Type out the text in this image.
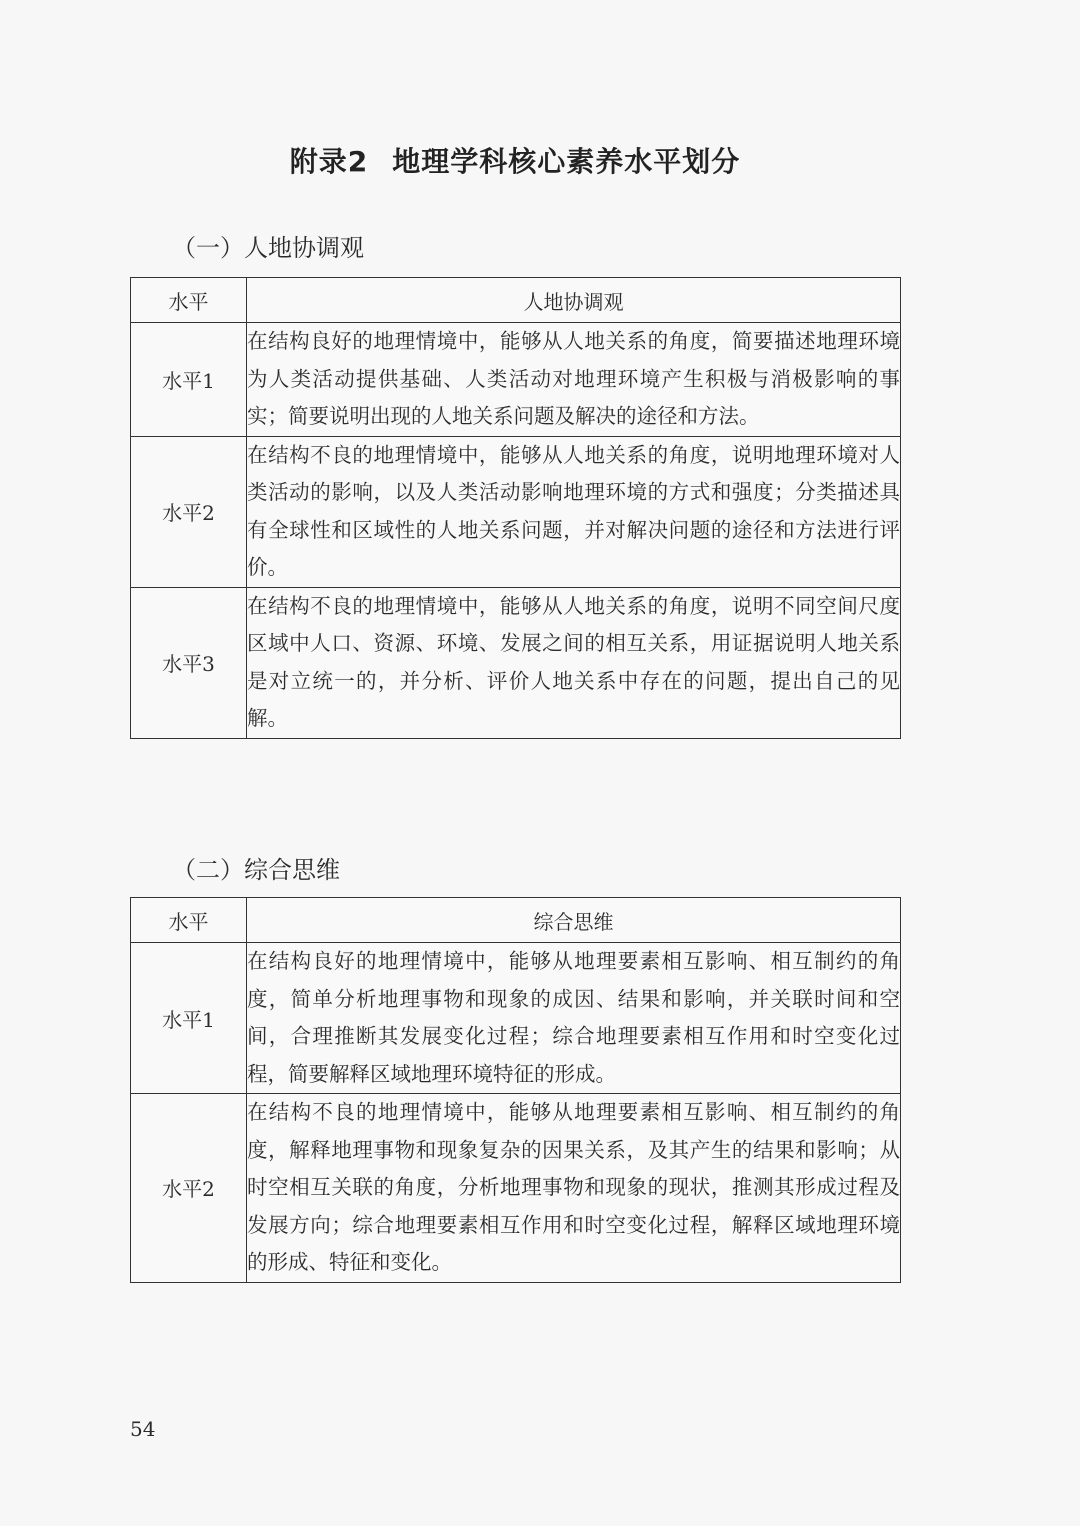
附录2 地理学科核心素养水平划分
（一）人地协调观
水平	人地协调观
水平1	在结构良好的地理情境中，能够从人地关系的角度，简要描述地理环境为人类活动提供基础、人类活动对地理环境产生积极与消极影响的事实；简要说明出现的人地关系问题及解决的途径和方法。
水平2	在结构不良的地理情境中，能够从人地关系的角度，说明地理环境对人类活动的影响，以及人类活动影响地理环境的方式和强度；分类描述具有全球性和区域性的人地关系问题，并对解决问题的途径和方法进行评价。
水平3	在结构不良的地理情境中，能够从人地关系的角度，说明不同空间尺度区域中人口、资源、环境、发展之间的相互关系，用证据说明人地关系是对立统一的，并分析、评价人地关系中存在的问题，提出自己的见解。
（二）综合思维
水平	综合思维
水平1	在结构良好的地理情境中，能够从地理要素相互影响、相互制约的角度，简单分析地理事物和现象的成因、结果和影响，并关联时间和空间，合理推断其发展变化过程；综合地理要素相互作用和时空变化过程，简要解释区域地理环境特征的形成。
水平2	在结构不良的地理情境中，能够从地理要素相互影响、相互制约的角度，解释地理事物和现象复杂的因果关系，及其产生的结果和影响；从时空相互关联的角度，分析地理事物和现象的现状，推测其形成过程及发展方向；综合地理要素相互作用和时空变化过程，解释区域地理环境的形成、特征和变化。
54
